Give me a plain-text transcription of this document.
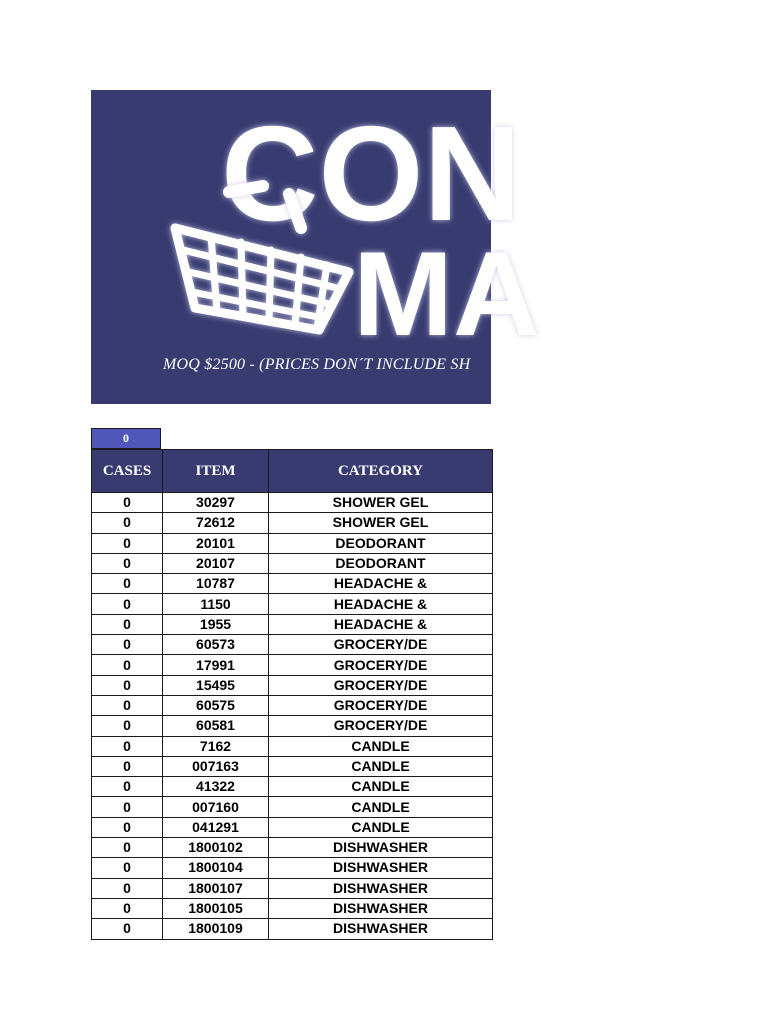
CON
MA
MOQ $2500 - (PRICES DON´T INCLUDE SH
0
CASES	ITEM	CATEGORY
0	30297	SHOWER GEL
0	72612	SHOWER GEL
0	20101	DEODORANT
0	20107	DEODORANT
0	10787	HEADACHE &
0	1150	HEADACHE &
0	1955	HEADACHE &
0	60573	GROCERY/DE
0	17991	GROCERY/DE
0	15495	GROCERY/DE
0	60575	GROCERY/DE
0	60581	GROCERY/DE
0	7162	CANDLE
0	007163	CANDLE
0	41322	CANDLE
0	007160	CANDLE
0	041291	CANDLE
0	1800102	DISHWASHER
0	1800104	DISHWASHER
0	1800107	DISHWASHER
0	1800105	DISHWASHER
0	1800109	DISHWASHER
